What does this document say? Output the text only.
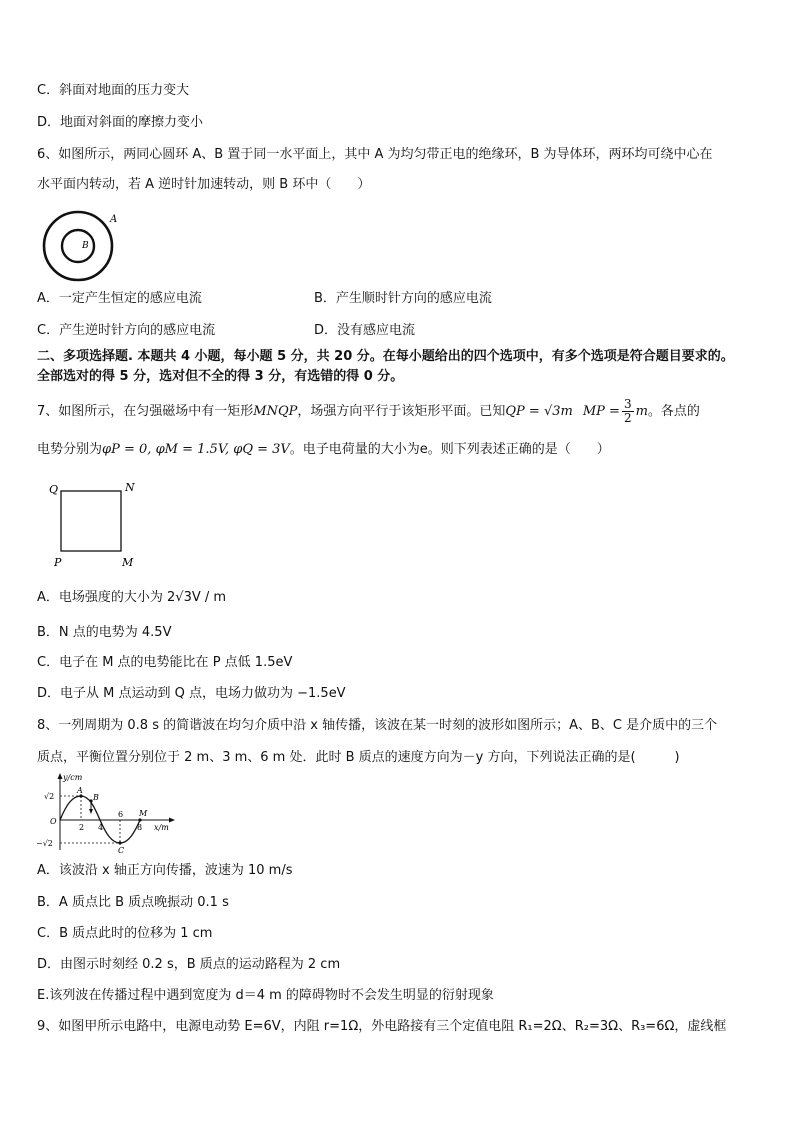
C．斜面对地面的压力变大
D．地面对斜面的摩擦力变小
6、如图所示，两同心圆环 A、B 置于同一水平面上，其中 A 为均匀带正电的绝缘环，B 为导体环，两环均可绕中心在
水平面内转动，若 A 逆时针加速转动，则 B 环中（　　）
A
B
A．一定产生恒定的感应电流	B．产生顺时针方向的感应电流
C．产生逆时针方向的感应电流	D．没有感应电流
二、多项选择题. 本题共 4 小题，每小题 5 分，共 20 分。在每小题给出的四个选项中，有多个选项是符合题目要求的。
全部选对的得 5 分，选对但不全的得 3 分，有选错的得 0 分。
7、如图所示，在匀强磁场中有一矩形MNQP，场强方向平行于该矩形平面。已知QP = √3m MP = $\frac{3}{2}$ m。各点的
电势分别为φP = 0, φM = 1.5V, φQ = 3V。电子电荷量的大小为e。则下列表述正确的是（　　）
Q	N
P	M
A．电场强度的大小为 2√3V / m
B．N 点的电势为 4.5V
C．电子在 M 点的电势能比在 P 点低 1.5eV
D．电子从 M 点运动到 Q 点，电场力做功为 −1.5eV
8、一列周期为 0.8 s 的简谐波在均匀介质中沿 x 轴传播，该波在某一时刻的波形如图所示；A、B、C 是介质中的三个
质点，平衡位置分别位于 2 m、3 m、6 m 处．此时 B 质点的速度方向为－y 方向，下列说法正确的是(　　　)
y/cm
x/m
O
√2
−√2
2 4
6
8
A
B
C
M
A．该波沿 x 轴正方向传播，波速为 10 m/s
B．A 质点比 B 质点晚振动 0.1 s
C．B 质点此时的位移为 1 cm
D．由图示时刻经 0.2 s，B 质点的运动路程为 2 cm
E.该列波在传播过程中遇到宽度为 d＝4 m 的障碍物时不会发生明显的衍射现象
9、如图甲所示电路中，电源电动势 E=6V，内阻 r=1Ω，外电路接有三个定值电阻 R₁=2Ω、R₂=3Ω、R₃=6Ω，虚线框
